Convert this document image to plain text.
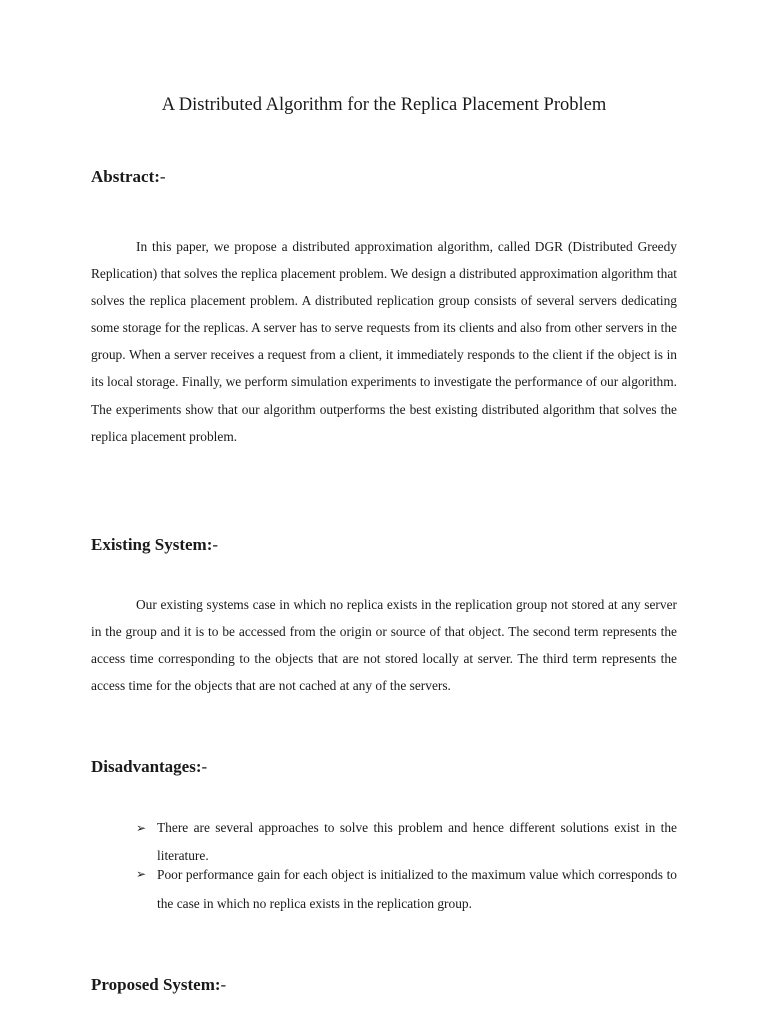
A Distributed Algorithm for the Replica Placement Problem
Abstract:-

In this paper, we propose a distributed approximation algorithm, called DGR (Distributed Greedy Replication) that solves the replica placement problem. We design a distributed approximation algorithm that solves the replica placement problem. A distributed replication group consists of several servers dedicating some storage for the replicas. A server has to serve requests from its clients and also from other servers in the group. When a server receives a request from a client, it immediately responds to the client if the object is in its local storage. Finally, we perform simulation experiments to investigate the performance of our algorithm. The experiments show that our algorithm outperforms the best existing distributed algorithm that solves the replica placement problem.

Existing System:-

Our existing systems case in which no replica exists in the replication group not stored at any server in the group and it is to be accessed from the origin or source of that object. The second term represents the access time corresponding to the objects that are not stored locally at server. The third term represents the access time for the objects that are not cached at any of the servers.

Disadvantages:-
➢ There are several approaches to solve this problem and hence different solutions exist in the literature.
➢ Poor performance gain for each object is initialized to the maximum value which corresponds to the case in which no replica exists in the replication group.
Proposed System:-
